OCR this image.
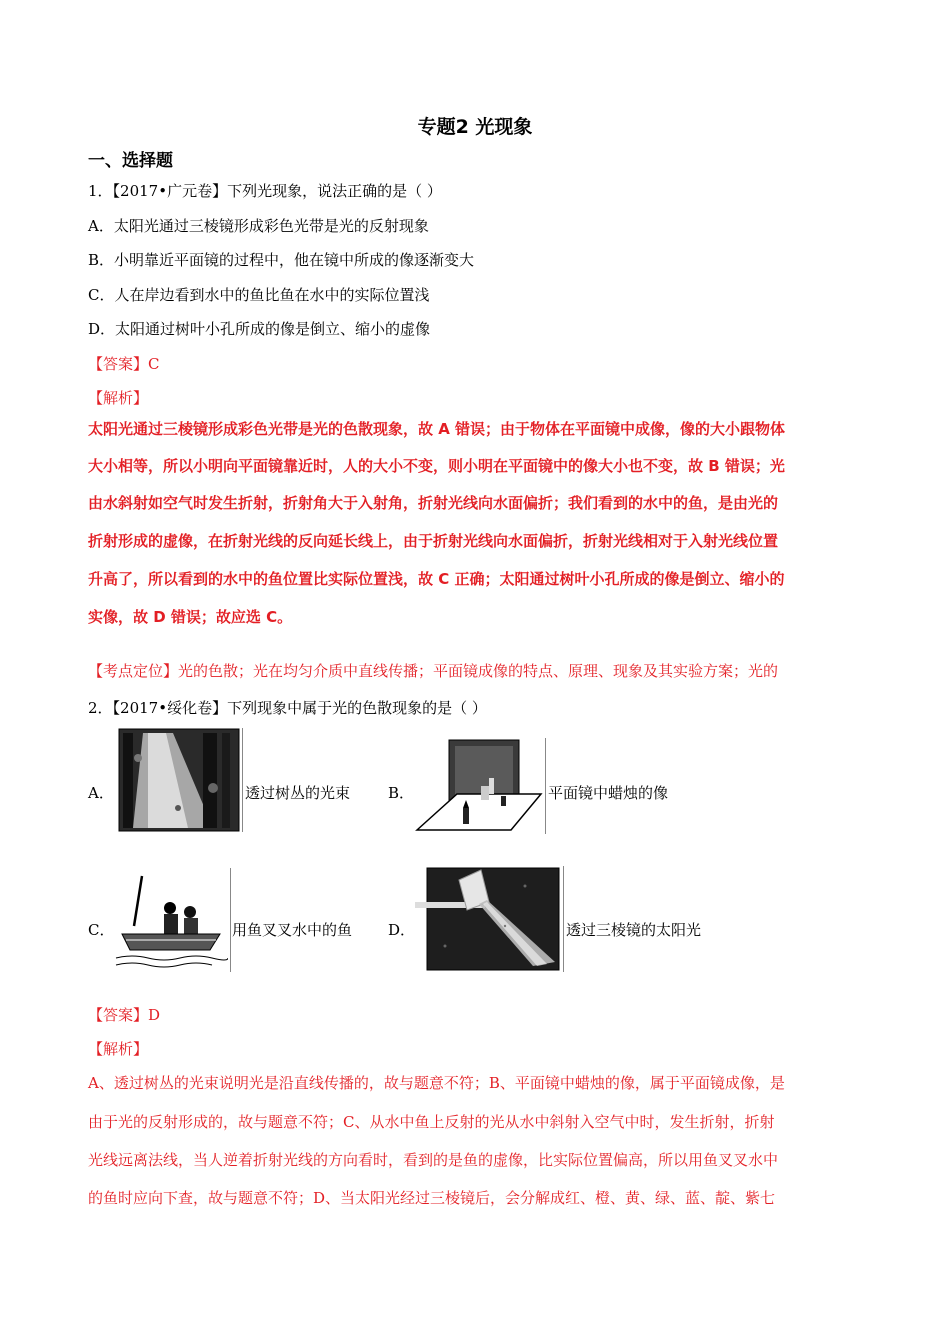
专题2 光现象
一、选择题
1．【2017•广元卷】下列光现象，说法正确的是（ ）
A．太阳光通过三棱镜形成彩色光带是光的反射现象
B．小明靠近平面镜的过程中，他在镜中所成的像逐渐变大
C．人在岸边看到水中的鱼比鱼在水中的实际位置浅
D．太阳通过树叶小孔所成的像是倒立、缩小的虚像
【答案】C
【解析】
太阳光通过三棱镜形成彩色光带是光的色散现象，故 A 错误；由于物体在平面镜中成像，像的大小跟物体
大小相等，所以小明向平面镜靠近时，人的大小不变，则小明在平面镜中的像大小也不变，故 B 错误；光
由水斜射如空气时发生折射，折射角大于入射角，折射光线向水面偏折；我们看到的水中的鱼，是由光的
折射形成的虚像，在折射光线的反向延长线上，由于折射光线向水面偏折，折射光线相对于入射光线位置
升高了，所以看到的水中的鱼位置比实际位置浅，故 C 正确；太阳通过树叶小孔所成的像是倒立、缩小的
实像，故 D 错误；故应选 C。
【考点定位】光的色散；光在均匀介质中直线传播；平面镜成像的特点、原理、现象及其实验方案；光的
2．【2017•绥化卷】下列现象中属于光的色散现象的是（ ）
A．	透过树丛的光束	B．	平面镜中蜡烛的像
C．	用鱼叉叉水中的鱼 D．	透过三棱镜的太阳光
【答案】D
【解析】
A、透过树丛的光束说明光是沿直线传播的，故与题意不符；B、平面镜中蜡烛的像，属于平面镜成像，是
由于光的反射形成的，故与题意不符；C、从水中鱼上反射的光从水中斜射入空气中时，发生折射，折射
光线远离法线，当人逆着折射光线的方向看时，看到的是鱼的虚像，比实际位置偏高，所以用鱼叉叉水中
的鱼时应向下查，故与题意不符；D、当太阳光经过三棱镜后，会分解成红、橙、黄、绿、蓝、靛、紫七
